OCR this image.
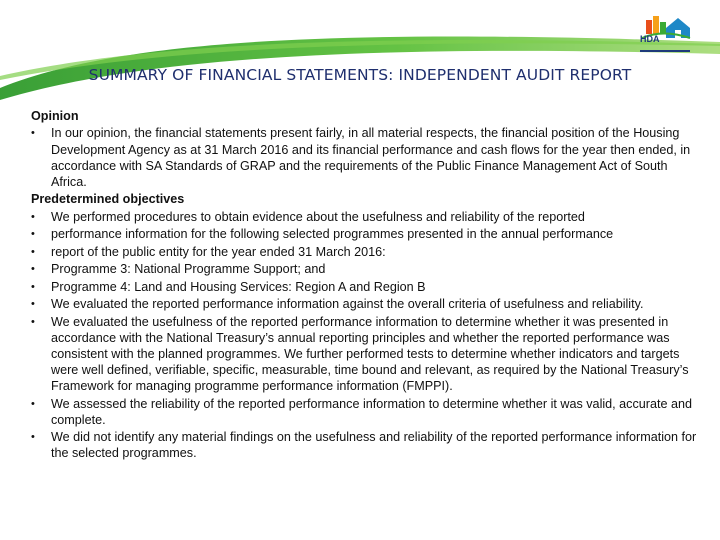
HDA
SUMMARY OF FINANCIAL STATEMENTS: INDEPENDENT AUDIT REPORT
Opinion
•	In our opinion, the financial statements present fairly, in all material respects, the financial position of the Housing Development Agency as at 31 March 2016 and its financial performance and cash flows for the year then ended, in accordance with SA Standards of GRAP and the requirements of the Public Finance Management Act of South Africa.
Predetermined objectives
•	We performed procedures to obtain evidence about the usefulness and reliability of the reported
•	performance information for the following selected programmes presented in the annual performance
•	report of the public entity for the year ended 31 March 2016:
•	Programme 3: National Programme Support; and
•	Programme 4: Land and Housing Services: Region A and Region B
•	We evaluated the reported performance information against the overall criteria of usefulness and reliability.
•	We evaluated the usefulness of the reported performance information to determine whether it was presented in accordance with the National Treasury’s annual reporting principles and whether the reported performance was consistent with the planned programmes. We further performed tests to determine whether indicators and targets were well defined, verifiable, specific, measurable, time bound and relevant, as required by the National Treasury’s Framework for managing programme performance information (FMPPI).
•	We assessed the reliability of the reported performance information to determine whether it was valid, accurate and complete.
•	We did not identify any material findings on the usefulness and reliability of the reported performance information for the selected programmes.
